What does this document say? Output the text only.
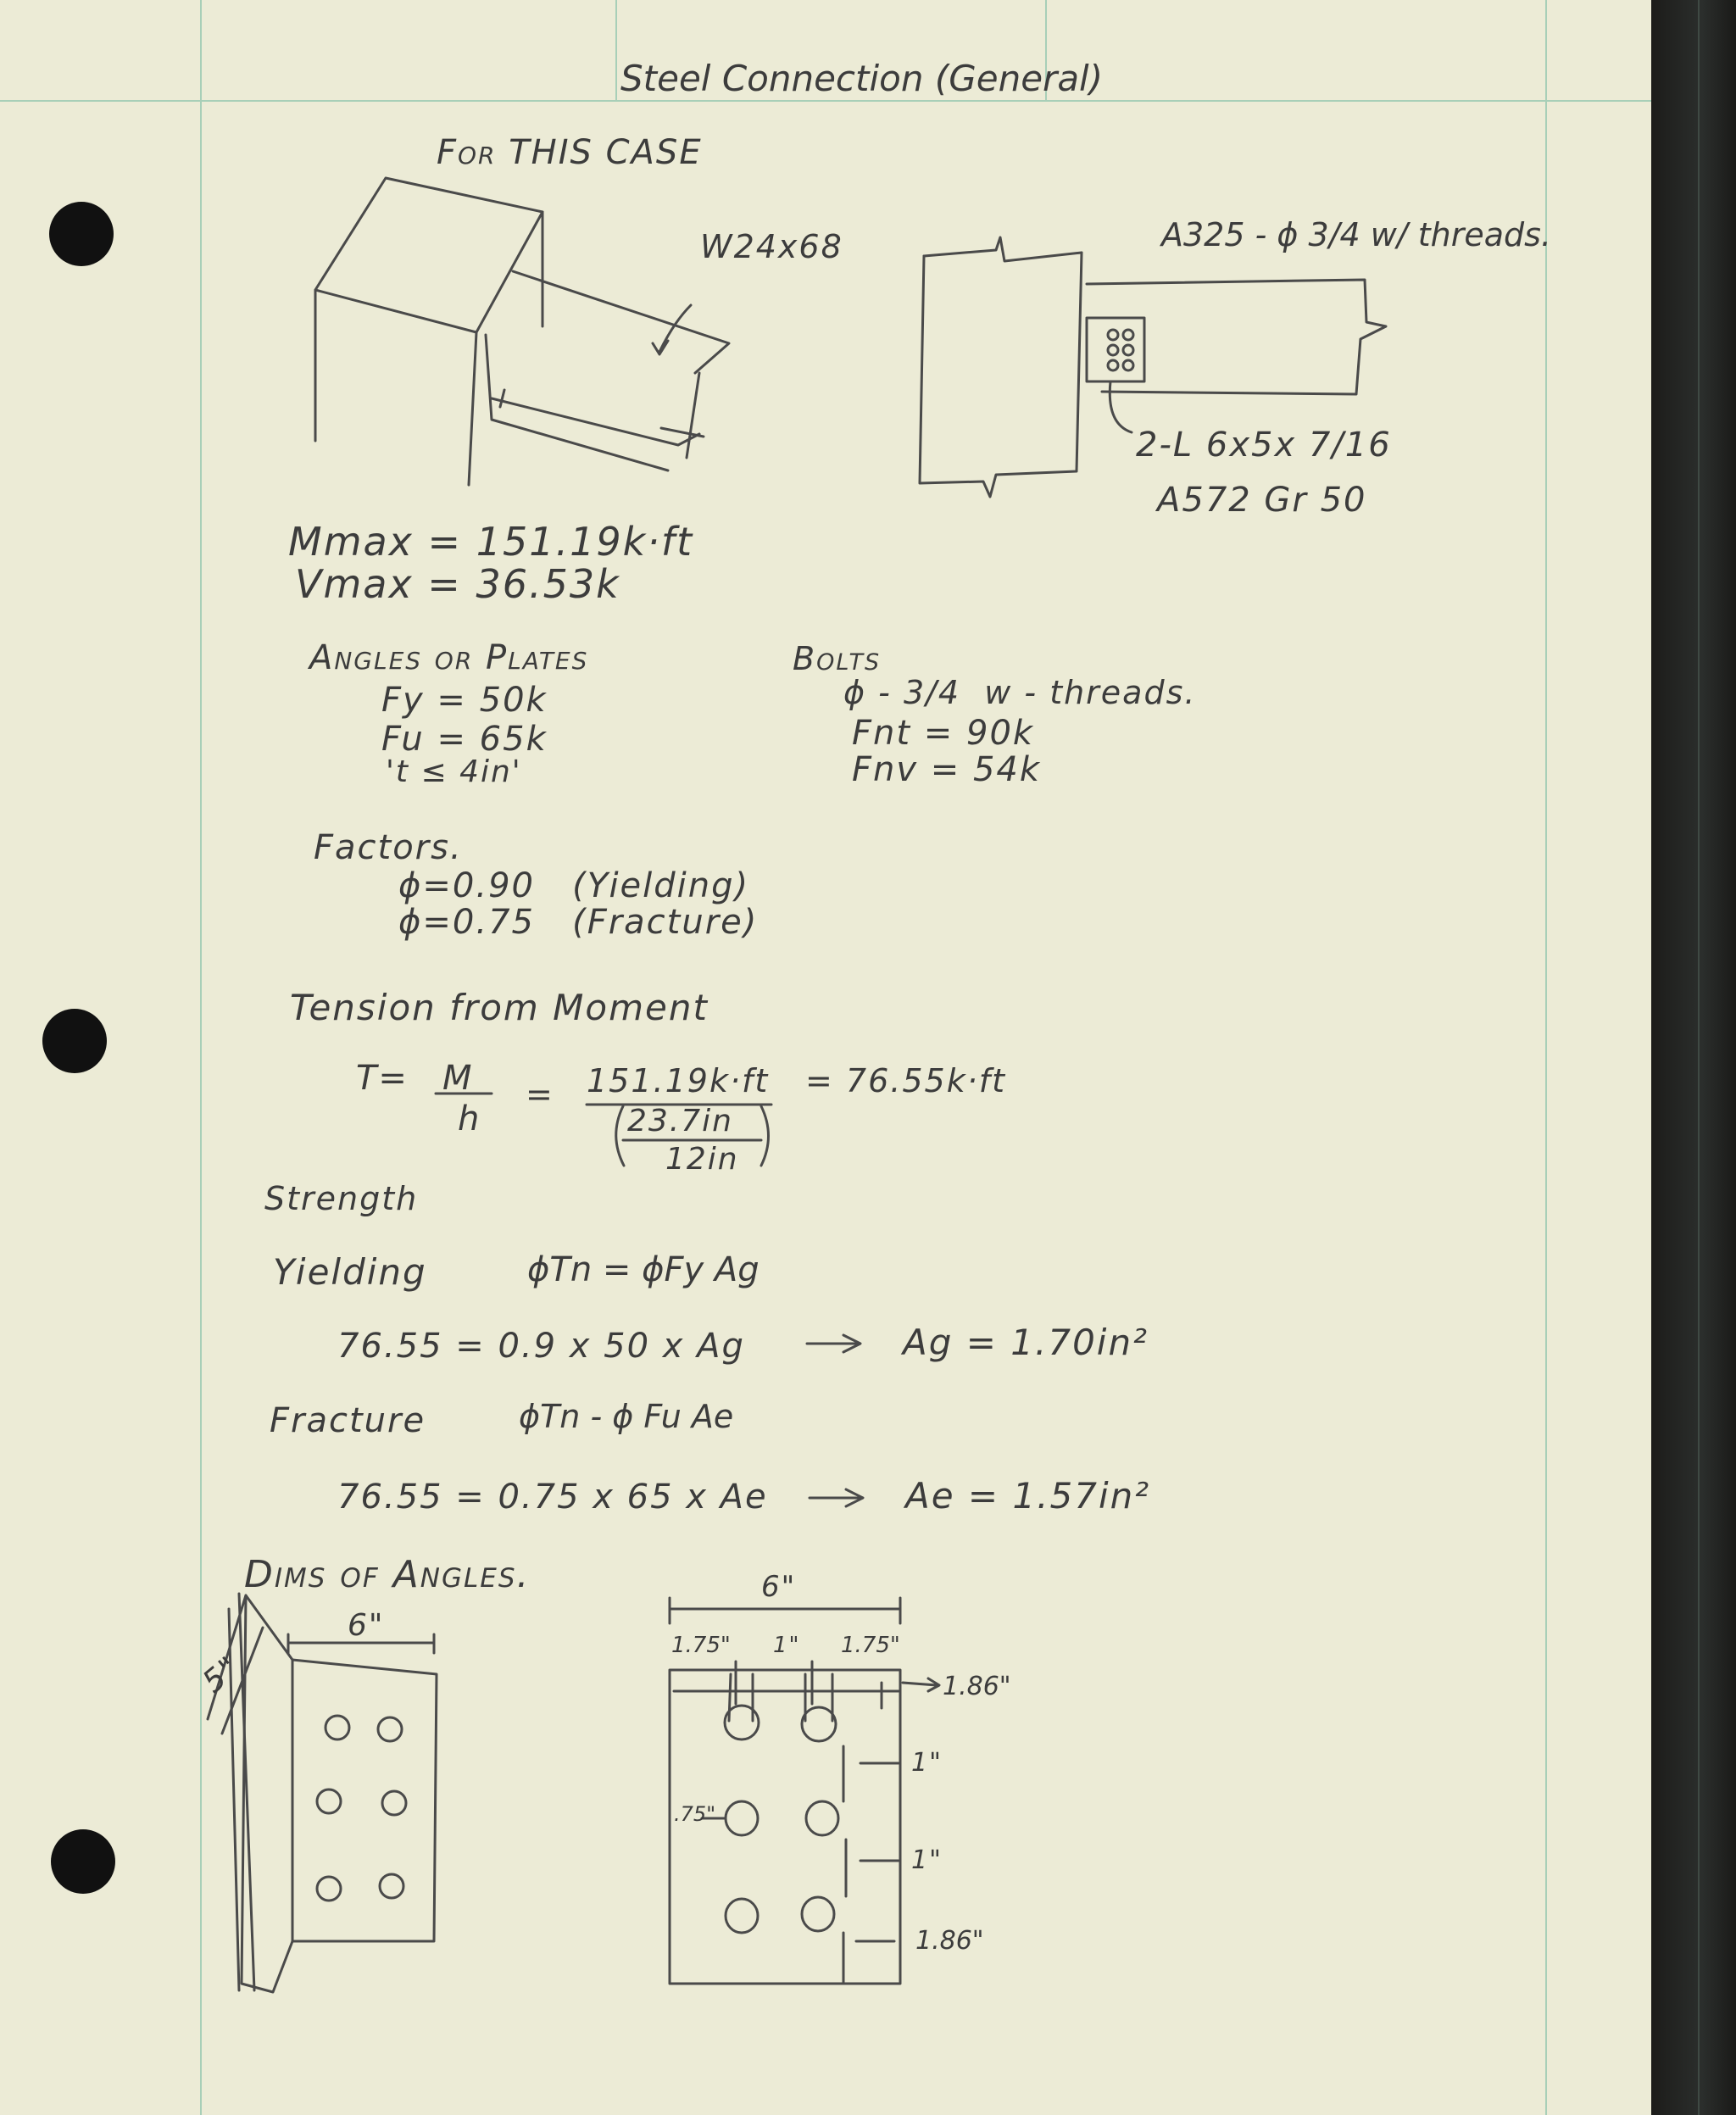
Steel Connection (General)
For THIS CASE
W24x68	A325 - ϕ 3/4 w/ threads.
2-L 6x5x 7/16
A572 Gr 50
Mmax = 151.19k·ft
Vmax = 36.53k
Angles or Plates
Fy = 50k
Fu = 65k
't ≤ 4in'
Bolts
ϕ - 3/4  w - threads.
Fnt = 90k
Fnv = 54k
Factors.
ϕ=0.90   (Yielding)
ϕ=0.75   (Fracture)
Tension from Moment
T= M
h
= 151.19k·ft
23.7in
12in
= 76.55k·ft
Strength
Yielding	ϕTn = ϕFy Ag
76.55 = 0.9 x 50 x Ag	Ag = 1.70in²
Fracture	ϕTn - ϕ Fu Ae
76.55 = 0.75 x 65 x Ae	Ae = 1.57in²
Dims of Angles.
5"
6"
6"
1.75" 1" 1.75"
1.86"
1"
1"
.75"
1.86"
